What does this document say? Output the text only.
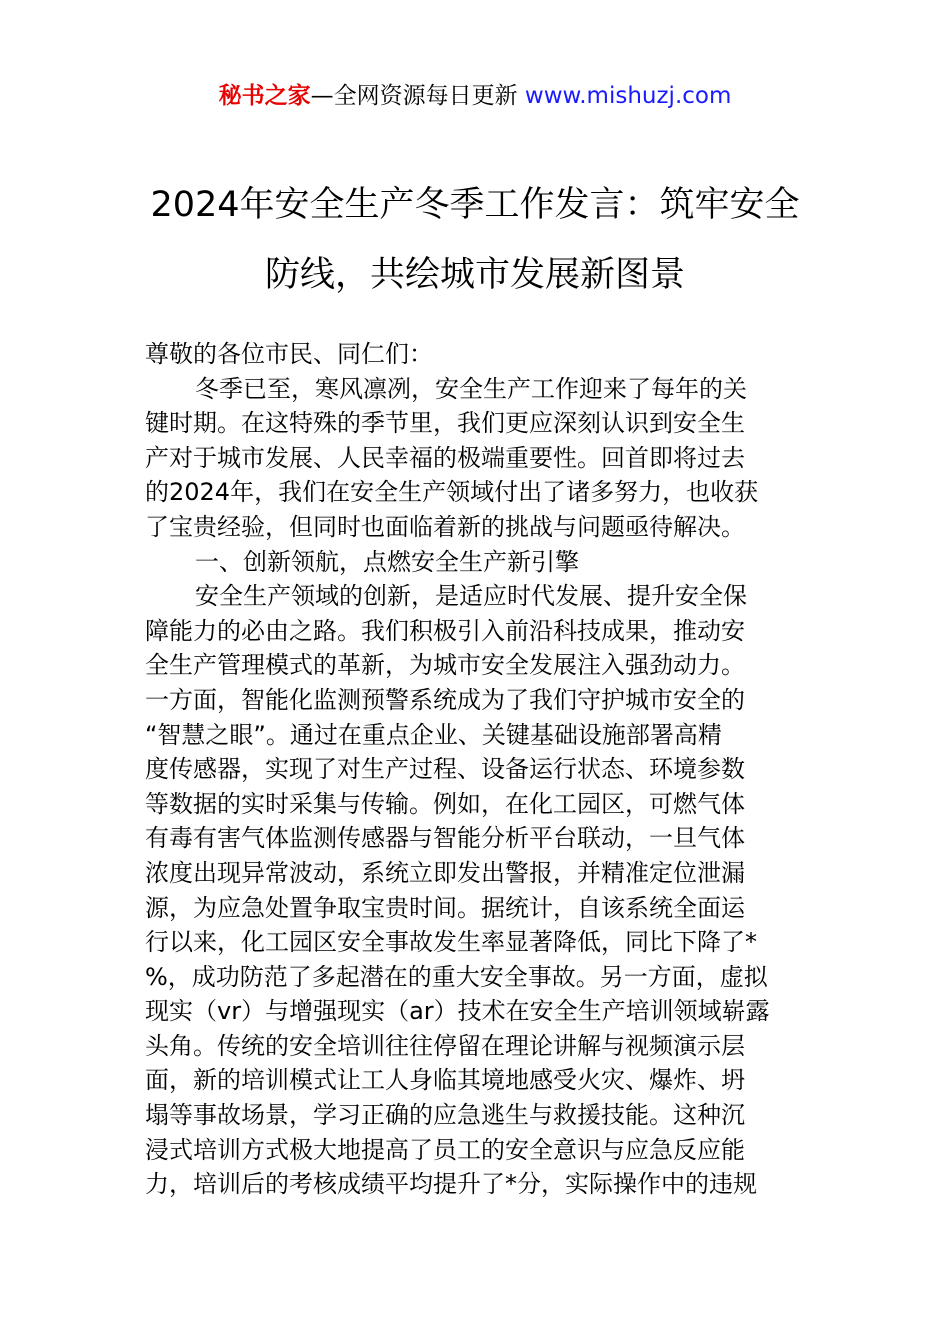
秘书之家—全网资源每日更新 www.mishuzj.com
2024年安全生产冬季工作发言：筑牢安全
防线，共绘城市发展新图景
尊敬的各位市民、同仁们：
冬季已至，寒风凛冽，安全生产工作迎来了每年的关
键时期。在这特殊的季节里，我们更应深刻认识到安全生
产对于城市发展、人民幸福的极端重要性。回首即将过去
的2024年，我们在安全生产领域付出了诸多努力，也收获
了宝贵经验，但同时也面临着新的挑战与问题亟待解决。
一、创新领航，点燃安全生产新引擎
安全生产领域的创新，是适应时代发展、提升安全保
障能力的必由之路。我们积极引入前沿科技成果，推动安
全生产管理模式的革新，为城市安全发展注入强劲动力。
一方面，智能化监测预警系统成为了我们守护城市安全的
“智慧之眼”。通过在重点企业、关键基础设施部署高精
度传感器，实现了对生产过程、设备运行状态、环境参数
等数据的实时采集与传输。例如，在化工园区，可燃气体
有毒有害气体监测传感器与智能分析平台联动，一旦气体
浓度出现异常波动，系统立即发出警报，并精准定位泄漏
源，为应急处置争取宝贵时间。据统计，自该系统全面运
行以来，化工园区安全事故发生率显著降低，同比下降了*
%，成功防范了多起潜在的重大安全事故。另一方面，虚拟
现实（vr）与增强现实（ar）技术在安全生产培训领域崭露
头角。传统的安全培训往往停留在理论讲解与视频演示层
面，新的培训模式让工人身临其境地感受火灾、爆炸、坍
塌等事故场景，学习正确的应急逃生与救援技能。这种沉
浸式培训方式极大地提高了员工的安全意识与应急反应能
力，培训后的考核成绩平均提升了*分，实际操作中的违规
